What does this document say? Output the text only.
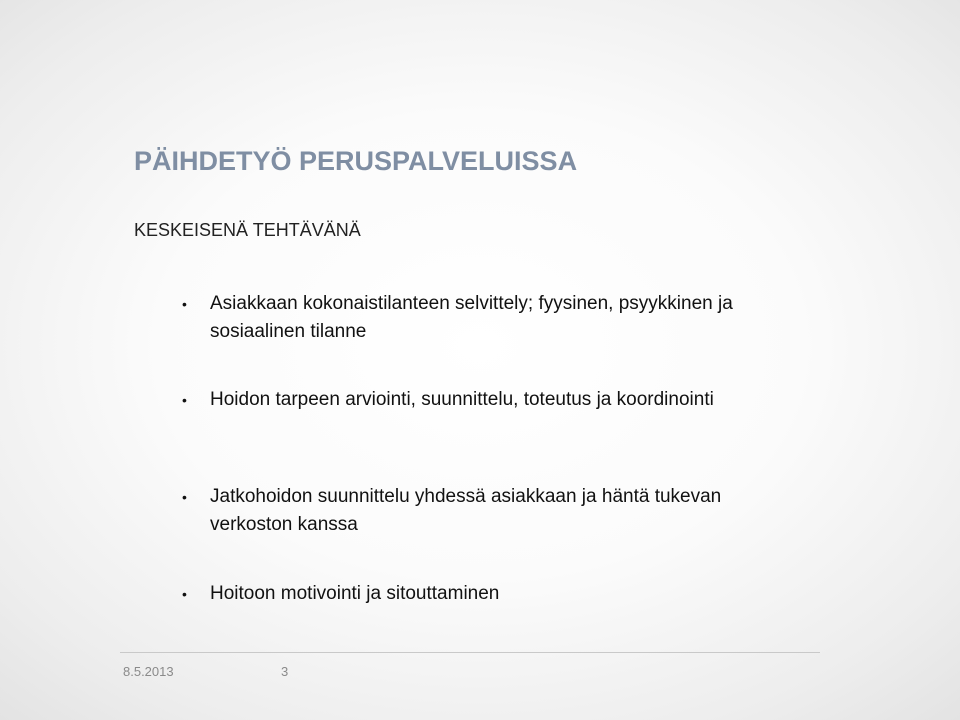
PÄIHDETYÖ PERUSPALVELUISSA
KESKEISENÄ TEHTÄVÄNÄ
• Asiakkaan kokonaistilanteen selvittely; fyysinen, psyykkinen ja sosiaalinen tilanne
• Hoidon tarpeen arviointi, suunnittelu, toteutus ja koordinointi
• Jatkohoidon suunnittelu yhdessä asiakkaan ja häntä tukevan verkoston kanssa
• Hoitoon motivointi ja sitouttaminen
8.5.2013	3
